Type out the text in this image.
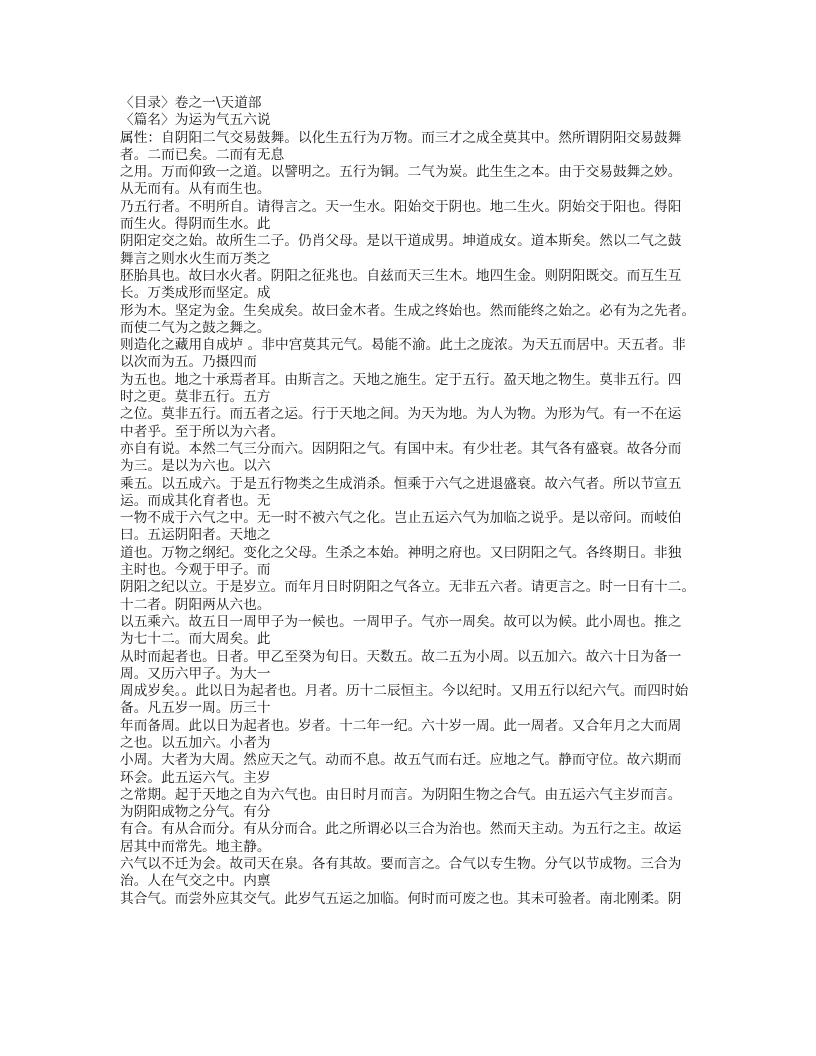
〈目录〉卷之一\天道部
〈篇名〉为运为气五六说
属性：自阴阳二气交易鼓舞。以化生五行为万物。而三才之成全莫其中。然所谓阴阳交易鼓舞
者。二而已矣。二而有无息
之用。万而仰致一之道。以譬明之。五行为铜。二气为炭。此生生之本。由于交易鼓舞之妙。
从无而有。从有而生也。
乃五行者。不明所自。请得言之。天一生水。阳始交于阴也。地二生火。阴始交于阳也。得阳
而生火。得阴而生水。此
阴阳定交之始。故所生二子。仍肖父母。是以干道成男。坤道成女。道本斯矣。然以二气之鼓
舞言之则水火生而万类之
胚胎具也。故曰水火者。阴阳之征兆也。自兹而天三生木。地四生金。则阴阳既交。而互生互
长。万类成形而坚定。成
形为木。坚定为金。生矣成矣。故曰金木者。生成之终始也。然而能终之始之。必有为之先者。
而使二气为之鼓之舞之。
则造化之藏用自成垆 。非中宫莫其元气。曷能不渝。此土之庞浓。为天五而居中。天五者。非
以次而为五。乃摄四而
为五也。地之十承焉者耳。由斯言之。天地之施生。定于五行。盈天地之物生。莫非五行。四
时之更。莫非五行。五方
之位。莫非五行。而五者之运。行于天地之间。为天为地。为人为物。为形为气。有一不在运
中者乎。至于所以为六者。
亦自有说。本然二气三分而六。因阴阳之气。有国中末。有少壮老。其气各有盛衰。故各分而
为三。是以为六也。以六
乘五。以五成六。于是五行物类之生成消杀。恒乘于六气之进退盛衰。故六气者。所以节宣五
运。而成其化育者也。无
一物不成于六气之中。无一时不被六气之化。岂止五运六气为加临之说乎。是以帝问。而岐伯
曰。五运阴阳者。天地之
道也。万物之纲纪。变化之父母。生杀之本始。神明之府也。又曰阴阳之气。各终期日。非独
主时也。今观于甲子。而
阴阳之纪以立。于是岁立。而年月日时阴阳之气各立。无非五六者。请更言之。时一日有十二。
十二者。阴阳两从六也。
以五乘六。故五日一周甲子为一候也。一周甲子。气亦一周矣。故可以为候。此小周也。推之
为七十二。而大周矣。此
从时而起者也。日者。甲乙至癸为旬日。天数五。故二五为小周。以五加六。故六十日为备一
周。又历六甲子。为大一
周成岁矣。。此以日为起者也。月者。历十二辰恒主。今以纪时。又用五行以纪六气。而四时始
备。凡五岁一周。历三十
年而备周。此以日为起者也。岁者。十二年一纪。六十岁一周。此一周者。又合年月之大而周
之也。以五加六。小者为
小周。大者为大周。然应天之气。动而不息。故五气而右迁。应地之气。静而守位。故六期而
环会。此五运六气。主岁
之常期。起于天地之自为六气也。由日时月而言。为阴阳生物之合气。由五运六气主岁而言。
为阴阳成物之分气。有分
有合。有从合而分。有从分而合。此之所谓必以三合为治也。然而天主动。为五行之主。故运
居其中而常先。地主静。
六气以不迁为会。故司天在泉。各有其故。要而言之。合气以专生物。分气以节成物。三合为
治。人在气交之中。内禀
其合气。而尝外应其交气。此岁气五运之加临。何时而可废之也。其未可验者。南北刚柔。阴
